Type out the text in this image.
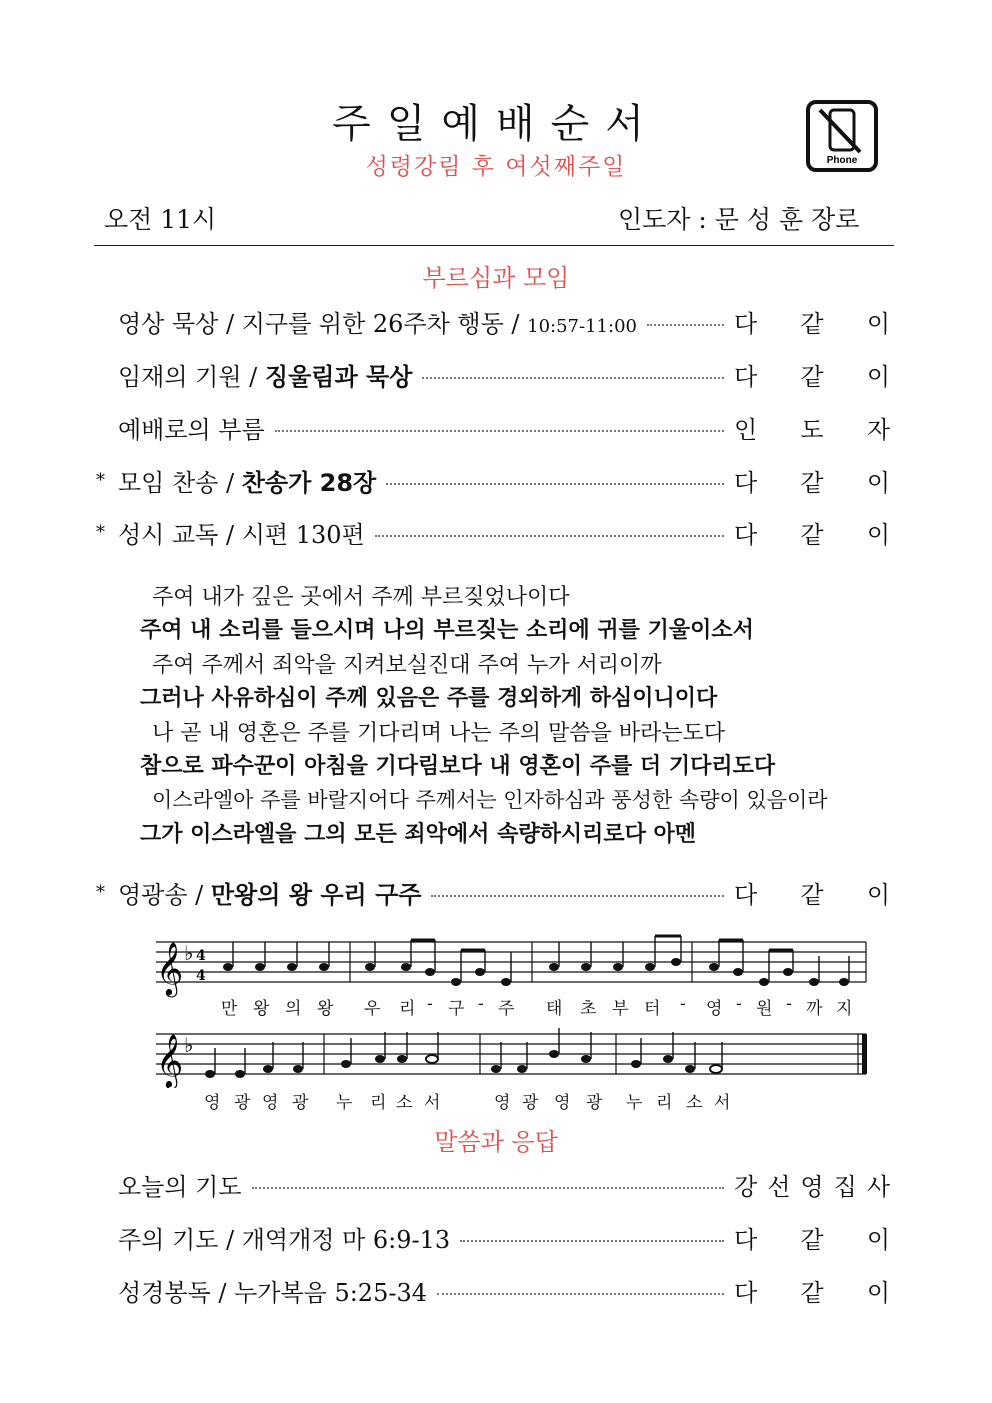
주일예배순서
성령강림 후 여섯째주일	Phone
오전 11시	인도자 : 문 성 훈 장로
부르심과 모임
영상 묵상 / 지구를 위한 26주차 행동 / 10:57-11:00	다 같 이
임재의 기원 / 징울림과 묵상	다 같 이
예배로의 부름	인 도 자
* 모임 찬송 / 찬송가 28장	다 같 이
* 성시 교독 / 시편 130편	다 같 이
주여 내가 깊은 곳에서 주께 부르짖었나이다
주여 내 소리를 들으시며 나의 부르짖는 소리에 귀를 기울이소서
주여 주께서 죄악을 지켜보실진대 주여 누가 서리이까
그러나 사유하심이 주께 있음은 주를 경외하게 하심이니이다
나 곧 내 영혼은 주를 기다리며 나는 주의 말씀을 바라는도다
참으로 파수꾼이 아침을 기다림보다 내 영혼이 주를 더 기다리도다
이스라엘아 주를 바랄지어다 주께서는 인자하심과 풍성한 속량이 있음이라
그가 이스라엘을 그의 모든 죄악에서 속량하시리로다 아멘
* 영광송 / 만왕의 왕 우리 구주	다 같 이
𝄞 ♭ 4
4
만 왕 의 왕 우 리 - 구 - 주 태 초 부 터 - 영 - 원 - 까 지
𝄞 ♭
영 광 영 광 누 리 소 서	영 광 영 광 누 리 소 서
말씀과 응답
오늘의 기도	강 선 영 집 사
주의 기도 / 개역개정 마 6:9-13	다 같 이
성경봉독 / 누가복음 5:25-34	다 같 이
